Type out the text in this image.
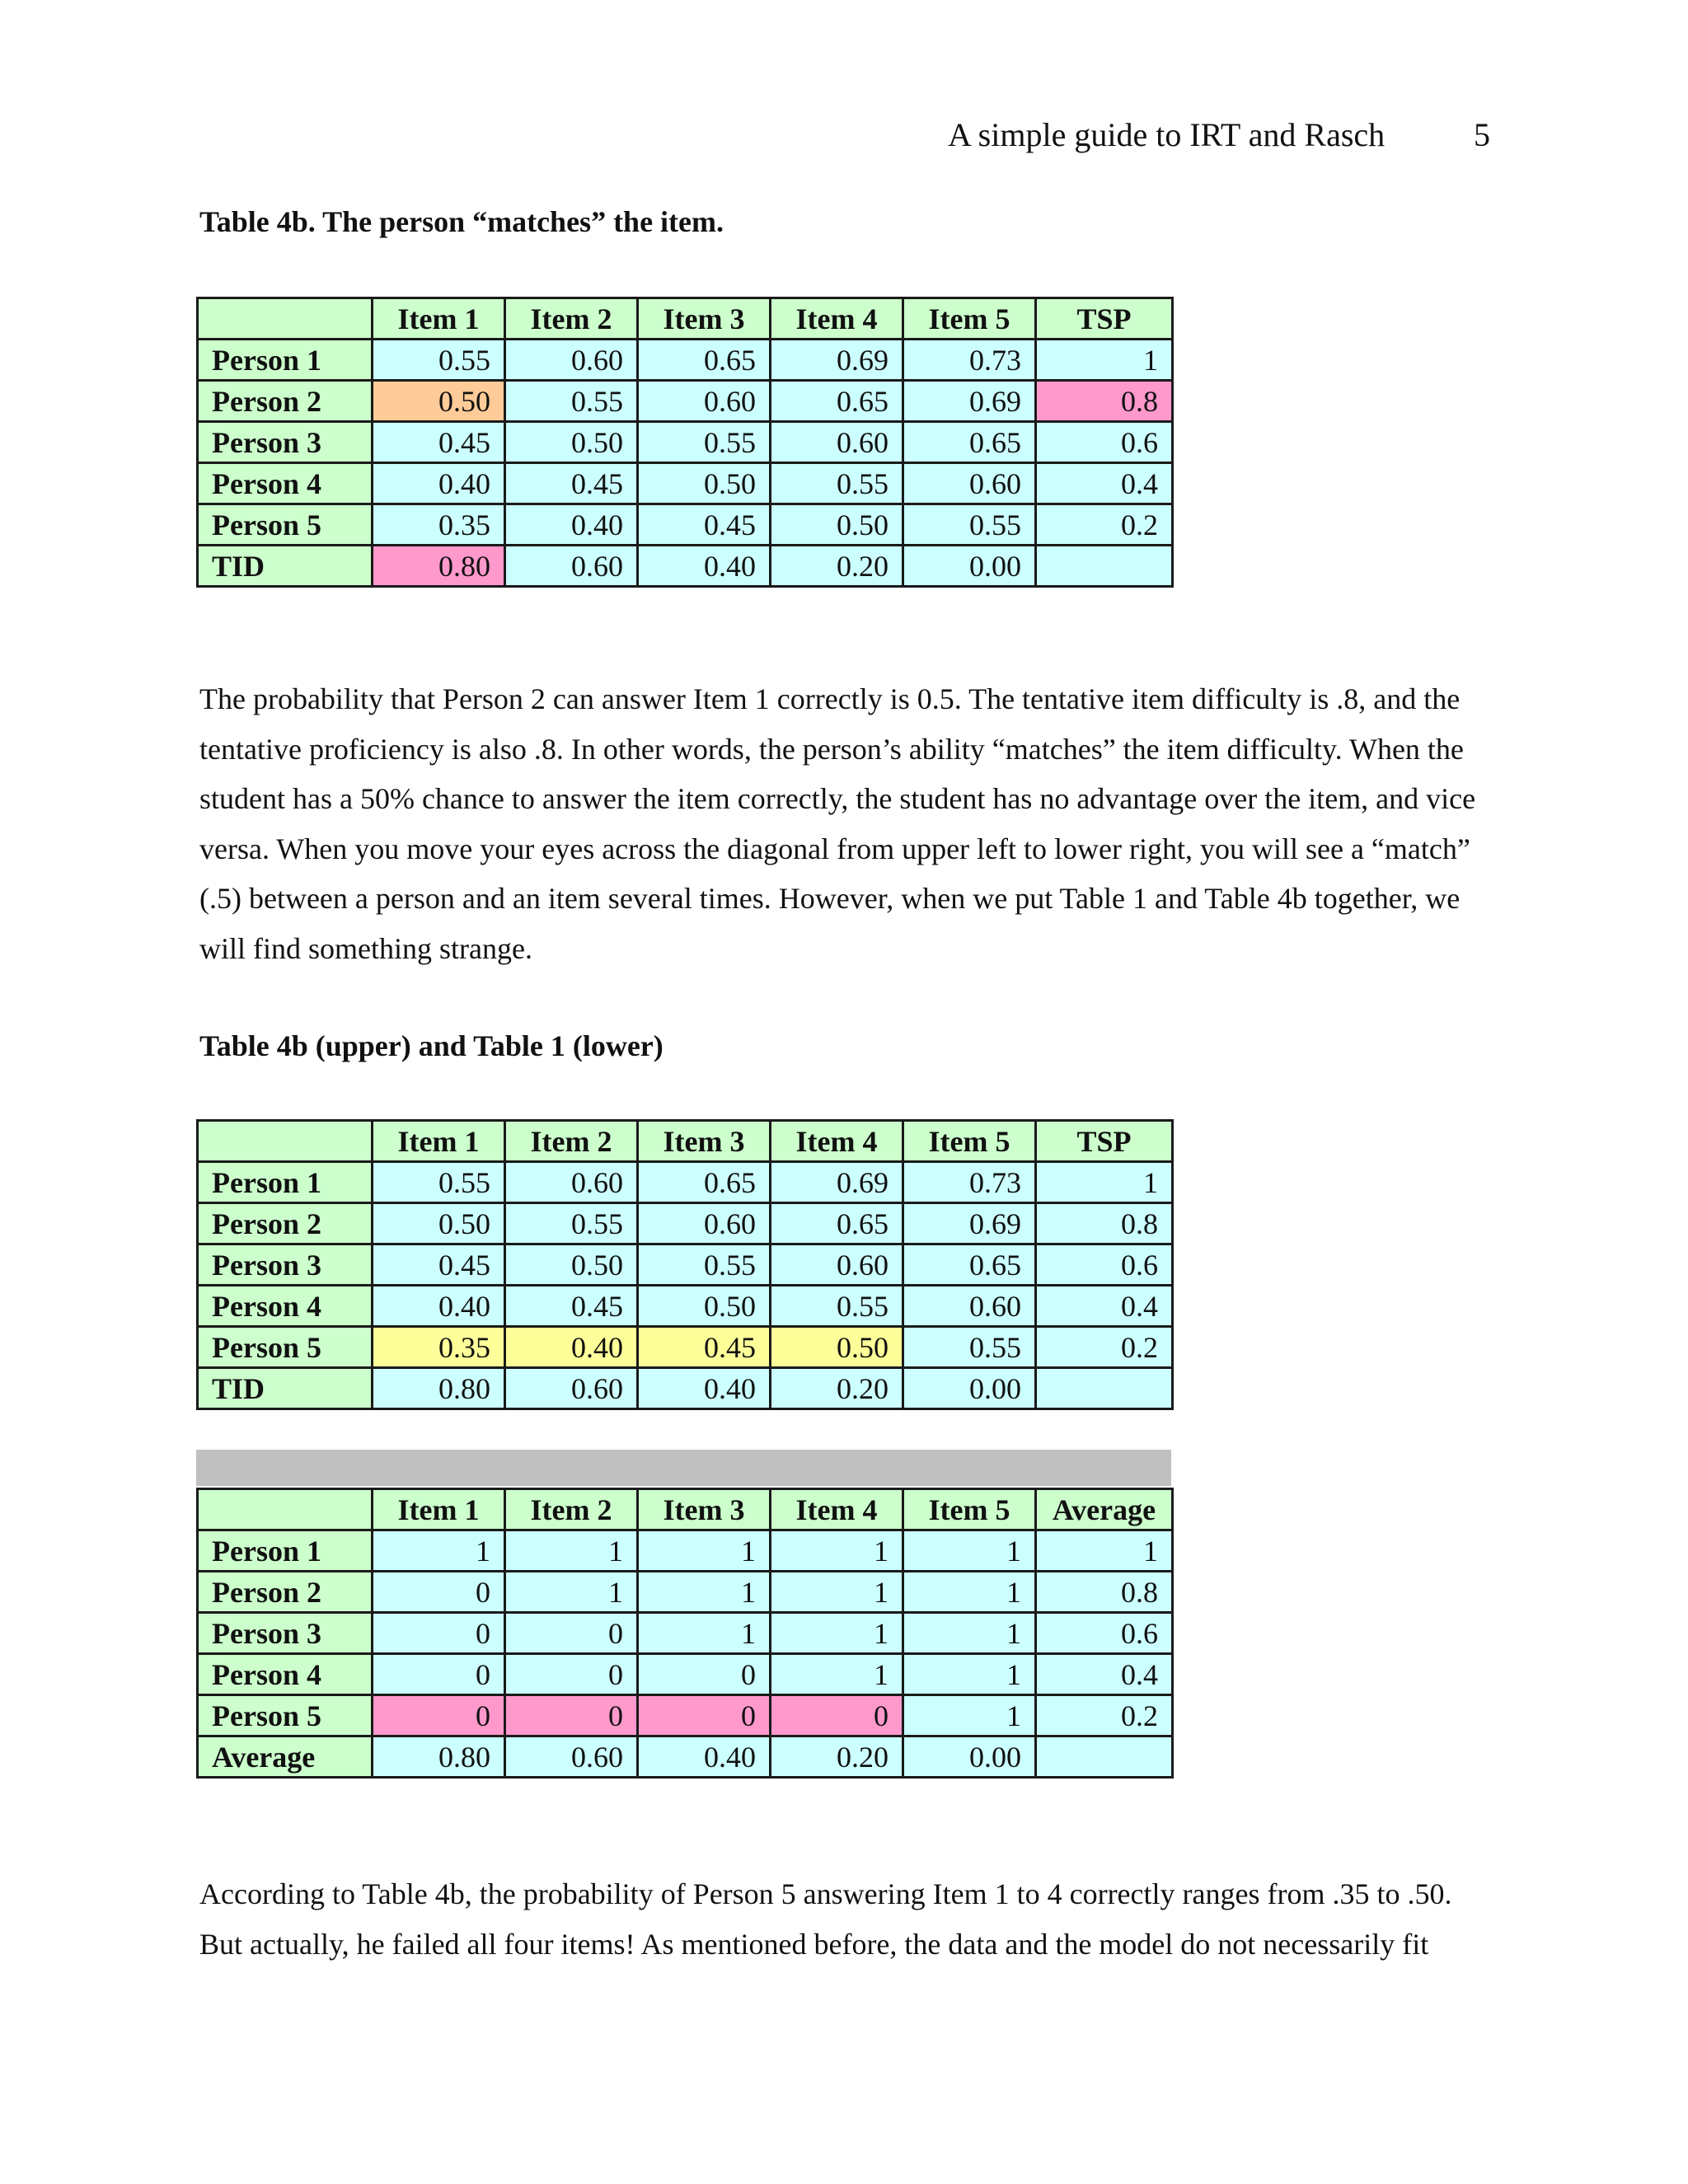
A simple guide to IRT and Rasch	5
Table 4b. The person “matches” the item.
	Item 1	Item 2	Item 3	Item 4	Item 5	TSP
Person 1	0.55	0.60	0.65	0.69	0.73	1
Person 2	0.50	0.55	0.60	0.65	0.69	0.8
Person 3	0.45	0.50	0.55	0.60	0.65	0.6
Person 4	0.40	0.45	0.50	0.55	0.60	0.4
Person 5	0.35	0.40	0.45	0.50	0.55	0.2
TID	0.80	0.60	0.40	0.20	0.00	
The probability that Person 2 can answer Item 1 correctly is 0.5. The tentative item difficulty is .8, and the tentative proficiency is also .8. In other words, the person’s ability “matches” the item difficulty. When the student has a 50% chance to answer the item correctly, the student has no advantage over the item, and vice versa. When you move your eyes across the diagonal from upper left to lower right, you will see a “match” (.5) between a person and an item several times. However, when we put Table 1 and Table 4b together, we will find something strange.
Table 4b (upper) and Table 1 (lower)
	Item 1	Item 2	Item 3	Item 4	Item 5	TSP
Person 1	0.55	0.60	0.65	0.69	0.73	1
Person 2	0.50	0.55	0.60	0.65	0.69	0.8
Person 3	0.45	0.50	0.55	0.60	0.65	0.6
Person 4	0.40	0.45	0.50	0.55	0.60	0.4
Person 5	0.35	0.40	0.45	0.50	0.55	0.2
TID	0.80	0.60	0.40	0.20	0.00	
	Item 1	Item 2	Item 3	Item 4	Item 5	Average
Person 1	1	1	1	1	1	1
Person 2	0	1	1	1	1	0.8
Person 3	0	0	1	1	1	0.6
Person 4	0	0	0	1	1	0.4
Person 5	0	0	0	0	1	0.2
Average	0.80	0.60	0.40	0.20	0.00	
According to Table 4b, the probability of Person 5 answering Item 1 to 4 correctly ranges from .35 to .50. But actually, he failed all four items! As mentioned before, the data and the model do not necessarily fit
